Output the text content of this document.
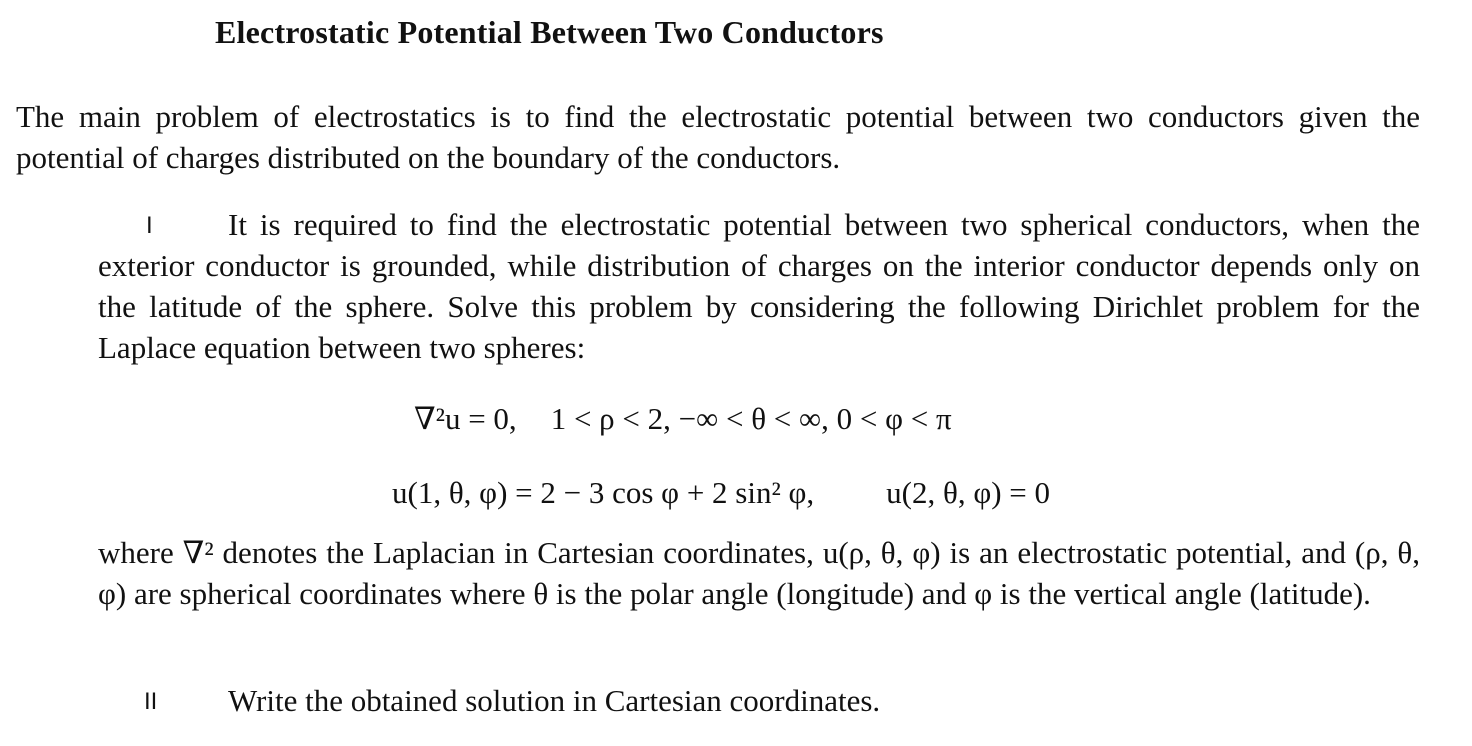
Electrostatic Potential Between Two Conductors
The main problem of electrostatics is to find the electrostatic potential between two conductors given the potential of charges distributed on the boundary of the conductors.
I	It is required to find the electrostatic potential between two spherical conductors, when the exterior conductor is grounded, while distribution of charges on the interior conductor depends only on the latitude of the sphere. Solve this problem by considering the following Dirichlet problem for the Laplace equation between two spheres:
∇²u = 0, 1 < ρ < 2, −∞ < θ < ∞, 0 < φ < π
u(1, θ, φ) = 2 − 3 cos φ + 2 sin² φ, u(2, θ, φ) = 0
where ∇² denotes the Laplacian in Cartesian coordinates, u(ρ, θ, φ) is an electrostatic potential, and (ρ, θ, φ) are spherical coordinates where θ is the polar angle (longitude) and φ is the vertical angle (latitude).
II	Write the obtained solution in Cartesian coordinates.
